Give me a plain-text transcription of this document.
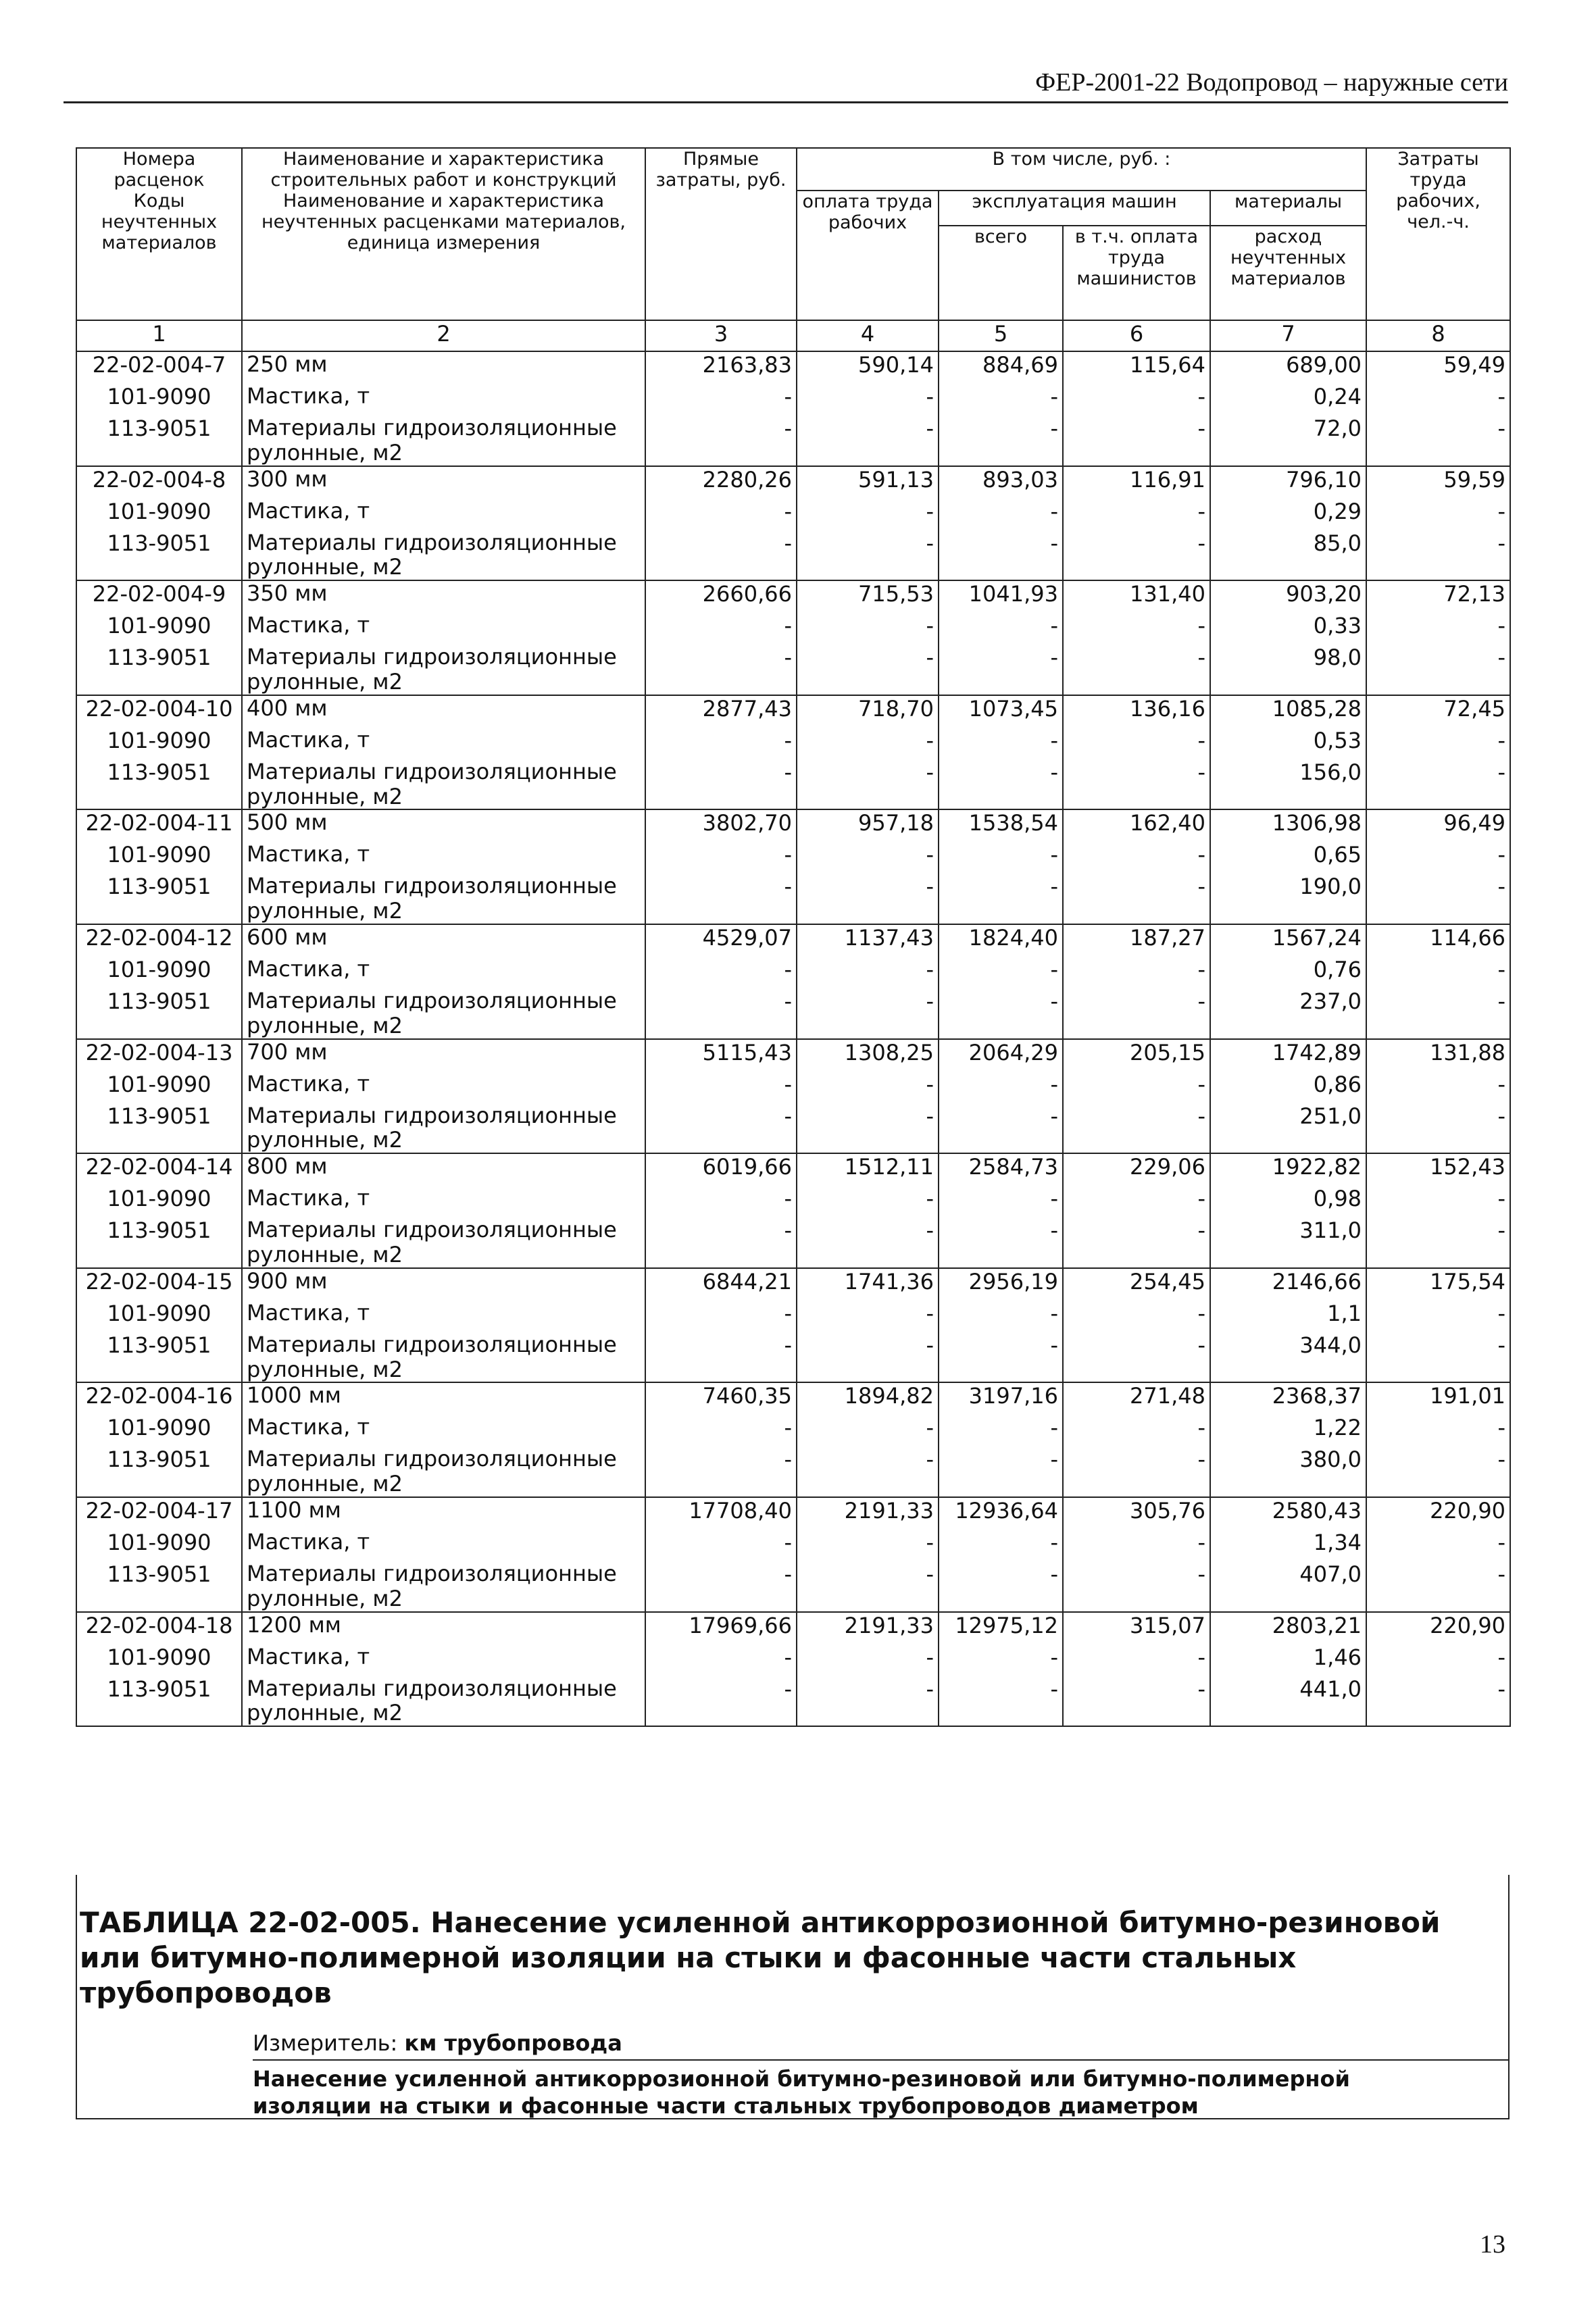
ФЕР-2001-22 Водопровод – наружные сети
Номера расценок	Наименование и характеристика строительных работ и конструкций	Прямые затраты, руб.	В том числе, руб. :				Затраты труда рабочих, чел.-ч.
Коды неучтенных материалов	Наименование и характеристика неучтенных расценками материалов, единица измерения		оплата труда рабочих	эксплуатация машин		материалы	
				всего	в т.ч. оплата труда машинистов	расход неучтенных материалов	

1	2	3	4	5	6	7	8
22-02-004-7	250 мм	2163,83	590,14	884,69	115,64	689,00	59,49
101-9090	Мастика, т	-	-	-	-	0,24	-
113-9051	Материалы гидроизоляционные рулонные, м2	-	-	-	-	72,0	-
22-02-004-8	300 мм	2280,26	591,13	893,03	116,91	796,10	59,59
101-9090	Мастика, т	-	-	-	-	0,29	-
113-9051	Материалы гидроизоляционные рулонные, м2	-	-	-	-	85,0	-
22-02-004-9	350 мм	2660,66	715,53	1041,93	131,40	903,20	72,13
101-9090	Мастика, т	-	-	-	-	0,33	-
113-9051	Материалы гидроизоляционные рулонные, м2	-	-	-	-	98,0	-
22-02-004-10	400 мм	2877,43	718,70	1073,45	136,16	1085,28	72,45
101-9090	Мастика, т	-	-	-	-	0,53	-
113-9051	Материалы гидроизоляционные рулонные, м2	-	-	-	-	156,0	-
22-02-004-11	500 мм	3802,70	957,18	1538,54	162,40	1306,98	96,49
101-9090	Мастика, т	-	-	-	-	0,65	-
113-9051	Материалы гидроизоляционные рулонные, м2	-	-	-	-	190,0	-
22-02-004-12	600 мм	4529,07	1137,43	1824,40	187,27	1567,24	114,66
101-9090	Мастика, т	-	-	-	-	0,76	-
113-9051	Материалы гидроизоляционные рулонные, м2	-	-	-	-	237,0	-
22-02-004-13	700 мм	5115,43	1308,25	2064,29	205,15	1742,89	131,88
101-9090	Мастика, т	-	-	-	-	0,86	-
113-9051	Материалы гидроизоляционные рулонные, м2	-	-	-	-	251,0	-
22-02-004-14	800 мм	6019,66	1512,11	2584,73	229,06	1922,82	152,43
101-9090	Мастика, т	-	-	-	-	0,98	-
113-9051	Материалы гидроизоляционные рулонные, м2	-	-	-	-	311,0	-
22-02-004-15	900 мм	6844,21	1741,36	2956,19	254,45	2146,66	175,54
101-9090	Мастика, т	-	-	-	-	1,1	-
113-9051	Материалы гидроизоляционные рулонные, м2	-	-	-	-	344,0	-
22-02-004-16	1000 мм	7460,35	1894,82	3197,16	271,48	2368,37	191,01
101-9090	Мастика, т	-	-	-	-	1,22	-
113-9051	Материалы гидроизоляционные рулонные, м2	-	-	-	-	380,0	-
22-02-004-17	1100 мм	17708,40	2191,33	12936,64	305,76	2580,43	220,90
101-9090	Мастика, т	-	-	-	-	1,34	-
113-9051	Материалы гидроизоляционные рулонные, м2	-	-	-	-	407,0	-
22-02-004-18	1200 мм	17969,66	2191,33	12975,12	315,07	2803,21	220,90
101-9090	Мастика, т	-	-	-	-	1,46	-
113-9051	Материалы гидроизоляционные рулонные, м2	-	-	-	-	441,0	-
ТАБЛИЦА 22-02-005. Нанесение усиленной антикоррозионной битумно-резиновой или битумно-полимерной изоляции на стыки и фасонные части стальных трубопроводов
Измеритель: км трубопровода
Нанесение усиленной антикоррозионной битумно-резиновой или битумно-полимерной изоляции на стыки и фасонные части стальных трубопроводов диаметром
13
